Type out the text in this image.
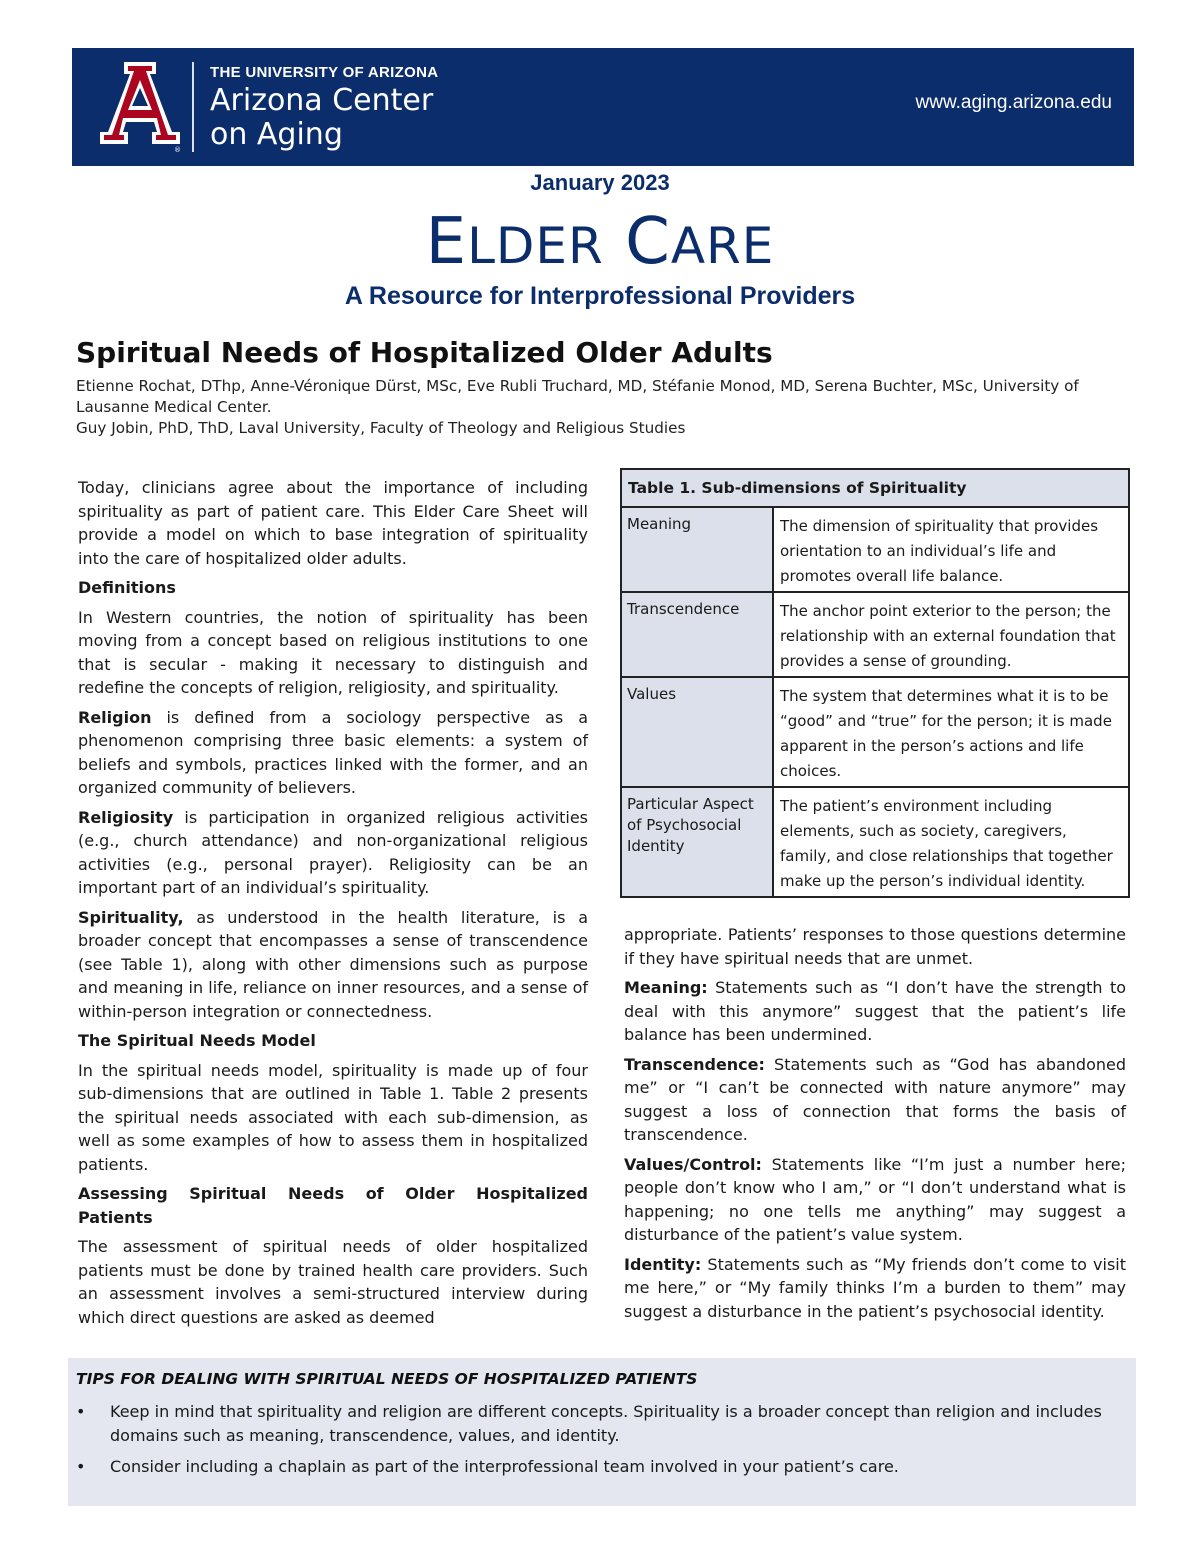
®
THE UNIVERSITY OF ARIZONA
Arizona Center
on Aging
www.aging.arizona.edu
January 2023
ELDER CARE
A Resource for Interprofessional Providers
Spiritual Needs of Hospitalized Older Adults

Etienne Rochat, DThp, Anne-Véronique Dürst, MSc, Eve Rubli Truchard, MD, Stéfanie Monod, MD, Serena Buchter, MSc, University of Lausanne Medical Center.

Guy Jobin, PhD, ThD, Laval University, Faculty of Theology and Religious Studies

Today, clinicians agree about the importance of including spirituality as part of patient care. This Elder Care Sheet will provide a model on which to base integration of spirituality into the care of hospitalized older adults.

Definitions

In Western countries, the notion of spirituality has been moving from a concept based on religious institutions to one that is secular - making it necessary to distinguish and redefine the concepts of religion, religiosity, and spirituality.

Religion is defined from a sociology perspective as a phenomenon comprising three basic elements: a system of beliefs and symbols, practices linked with the former, and an organized community of believers.

Religiosity is participation in organized religious activities (e.g., church attendance) and non-organizational religious activities (e.g., personal prayer). Religiosity can be an important part of an individual’s spirituality.

Spirituality, as understood in the health literature, is a broader concept that encompasses a sense of transcendence (see Table 1), along with other dimensions such as purpose and meaning in life, reliance on inner resources, and a sense of within-person integration or connectedness.

The Spiritual Needs Model

In the spiritual needs model, spirituality is made up of four sub-dimensions that are outlined in Table 1. Table 2 presents the spiritual needs associated with each sub-dimension, as well as some examples of how to assess them in hospitalized patients.

Assessing Spiritual Needs of Older Hospitalized Patients

The assessment of spiritual needs of older hospitalized patients must be done by trained health care providers. Such an assessment involves a semi-structured interview during which direct questions are asked as deemed

Table 1. Sub-dimensions of Spirituality	
Meaning	The dimension of spirituality that provides orientation to an individual’s life and promotes overall life balance.
Transcendence	The anchor point exterior to the person; the relationship with an external foundation that provides a sense of grounding.
Values	The system that determines what it is to be “good” and “true” for the person; it is made apparent in the person’s actions and life choices.
Particular Aspect of Psychosocial Identity	The patient’s environment including elements, such as society, caregivers, family, and close relationships that together make up the person’s individual identity.

appropriate. Patients’ responses to those questions determine if they have spiritual needs that are unmet.

Meaning: Statements such as “I don’t have the strength to deal with this anymore” suggest that the patient’s life balance has been undermined.

Transcendence: Statements such as “God has abandoned me” or “I can’t be connected with nature anymore” may suggest a loss of connection that forms the basis of transcendence.

Values/Control: Statements like “I’m just a number here; people don’t know who I am,” or “I don’t understand what is happening; no one tells me anything” may suggest a disturbance of the patient’s value system.

Identity: Statements such as “My friends don’t come to visit me here,” or “My family thinks I’m a burden to them” may suggest a disturbance in the patient’s psychosocial identity.

TIPS FOR DEALING WITH SPIRITUAL NEEDS OF HOSPITALIZED PATIENTS
• Keep in mind that spirituality and religion are different concepts. Spirituality is a broader concept than religion and includes domains such as meaning, transcendence, values, and identity.
• Consider including a chaplain as part of the interprofessional team involved in your patient’s care.
